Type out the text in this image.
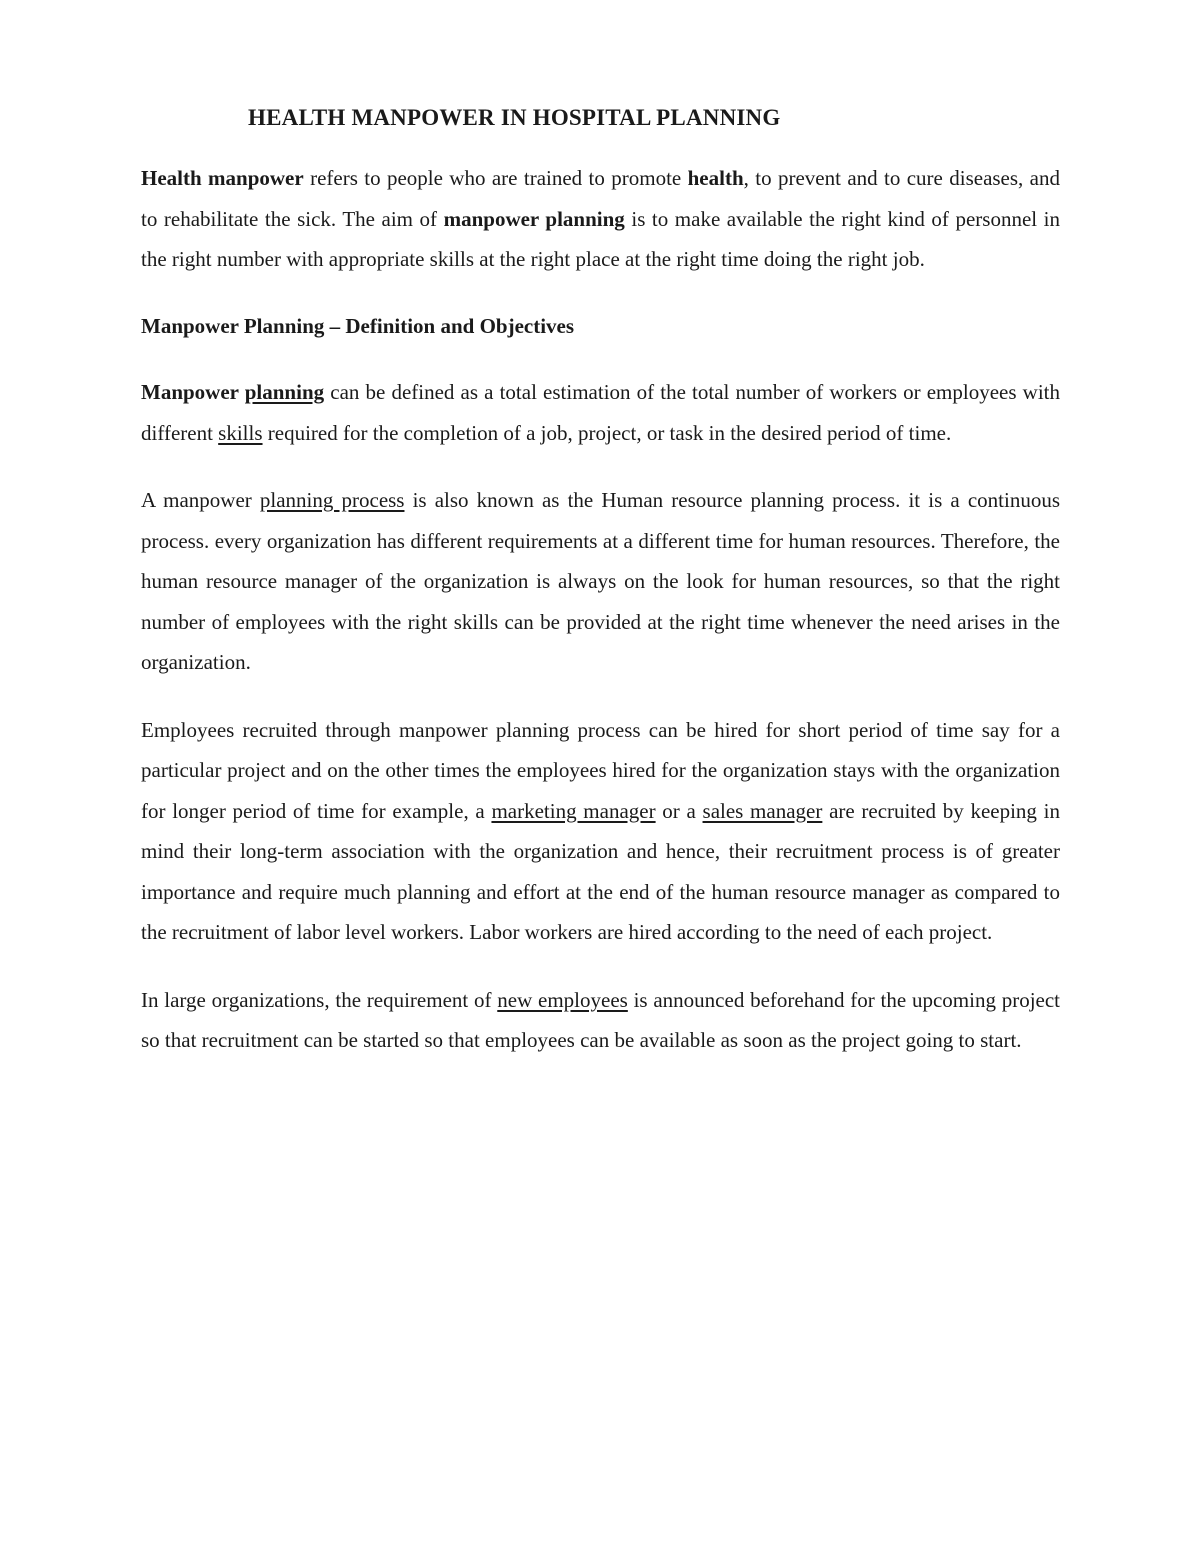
HEALTH MANPOWER IN HOSPITAL PLANNING

Health manpower refers to people who are trained to promote health, to prevent and to cure diseases, and to rehabilitate the sick. The aim of manpower planning is to make available the right kind of personnel in the right number with appropriate skills at the right place at the right time doing the right job.

Manpower Planning – Definition and Objectives

Manpower planning can be defined as a total estimation of the total number of workers or employees with different skills required for the completion of a job, project, or task in the desired period of time.

A manpower planning process is also known as the Human resource planning process. it is a continuous process. every organization has different requirements at a different time for human resources. Therefore, the human resource manager of the organization is always on the look for human resources, so that the right number of employees with the right skills can be provided at the right time whenever the need arises in the organization.

Employees recruited through manpower planning process can be hired for short period of time say for a particular project and on the other times the employees hired for the organization stays with the organization for longer period of time for example, a marketing manager or a sales manager are recruited by keeping in mind their long-term association with the organization and hence, their recruitment process is of greater importance and require much planning and effort at the end of the human resource manager as compared to the recruitment of labor level workers. Labor workers are hired according to the need of each project.

In large organizations, the requirement of new employees is announced beforehand for the upcoming project so that recruitment can be started so that employees can be available as soon as the project going to start.
